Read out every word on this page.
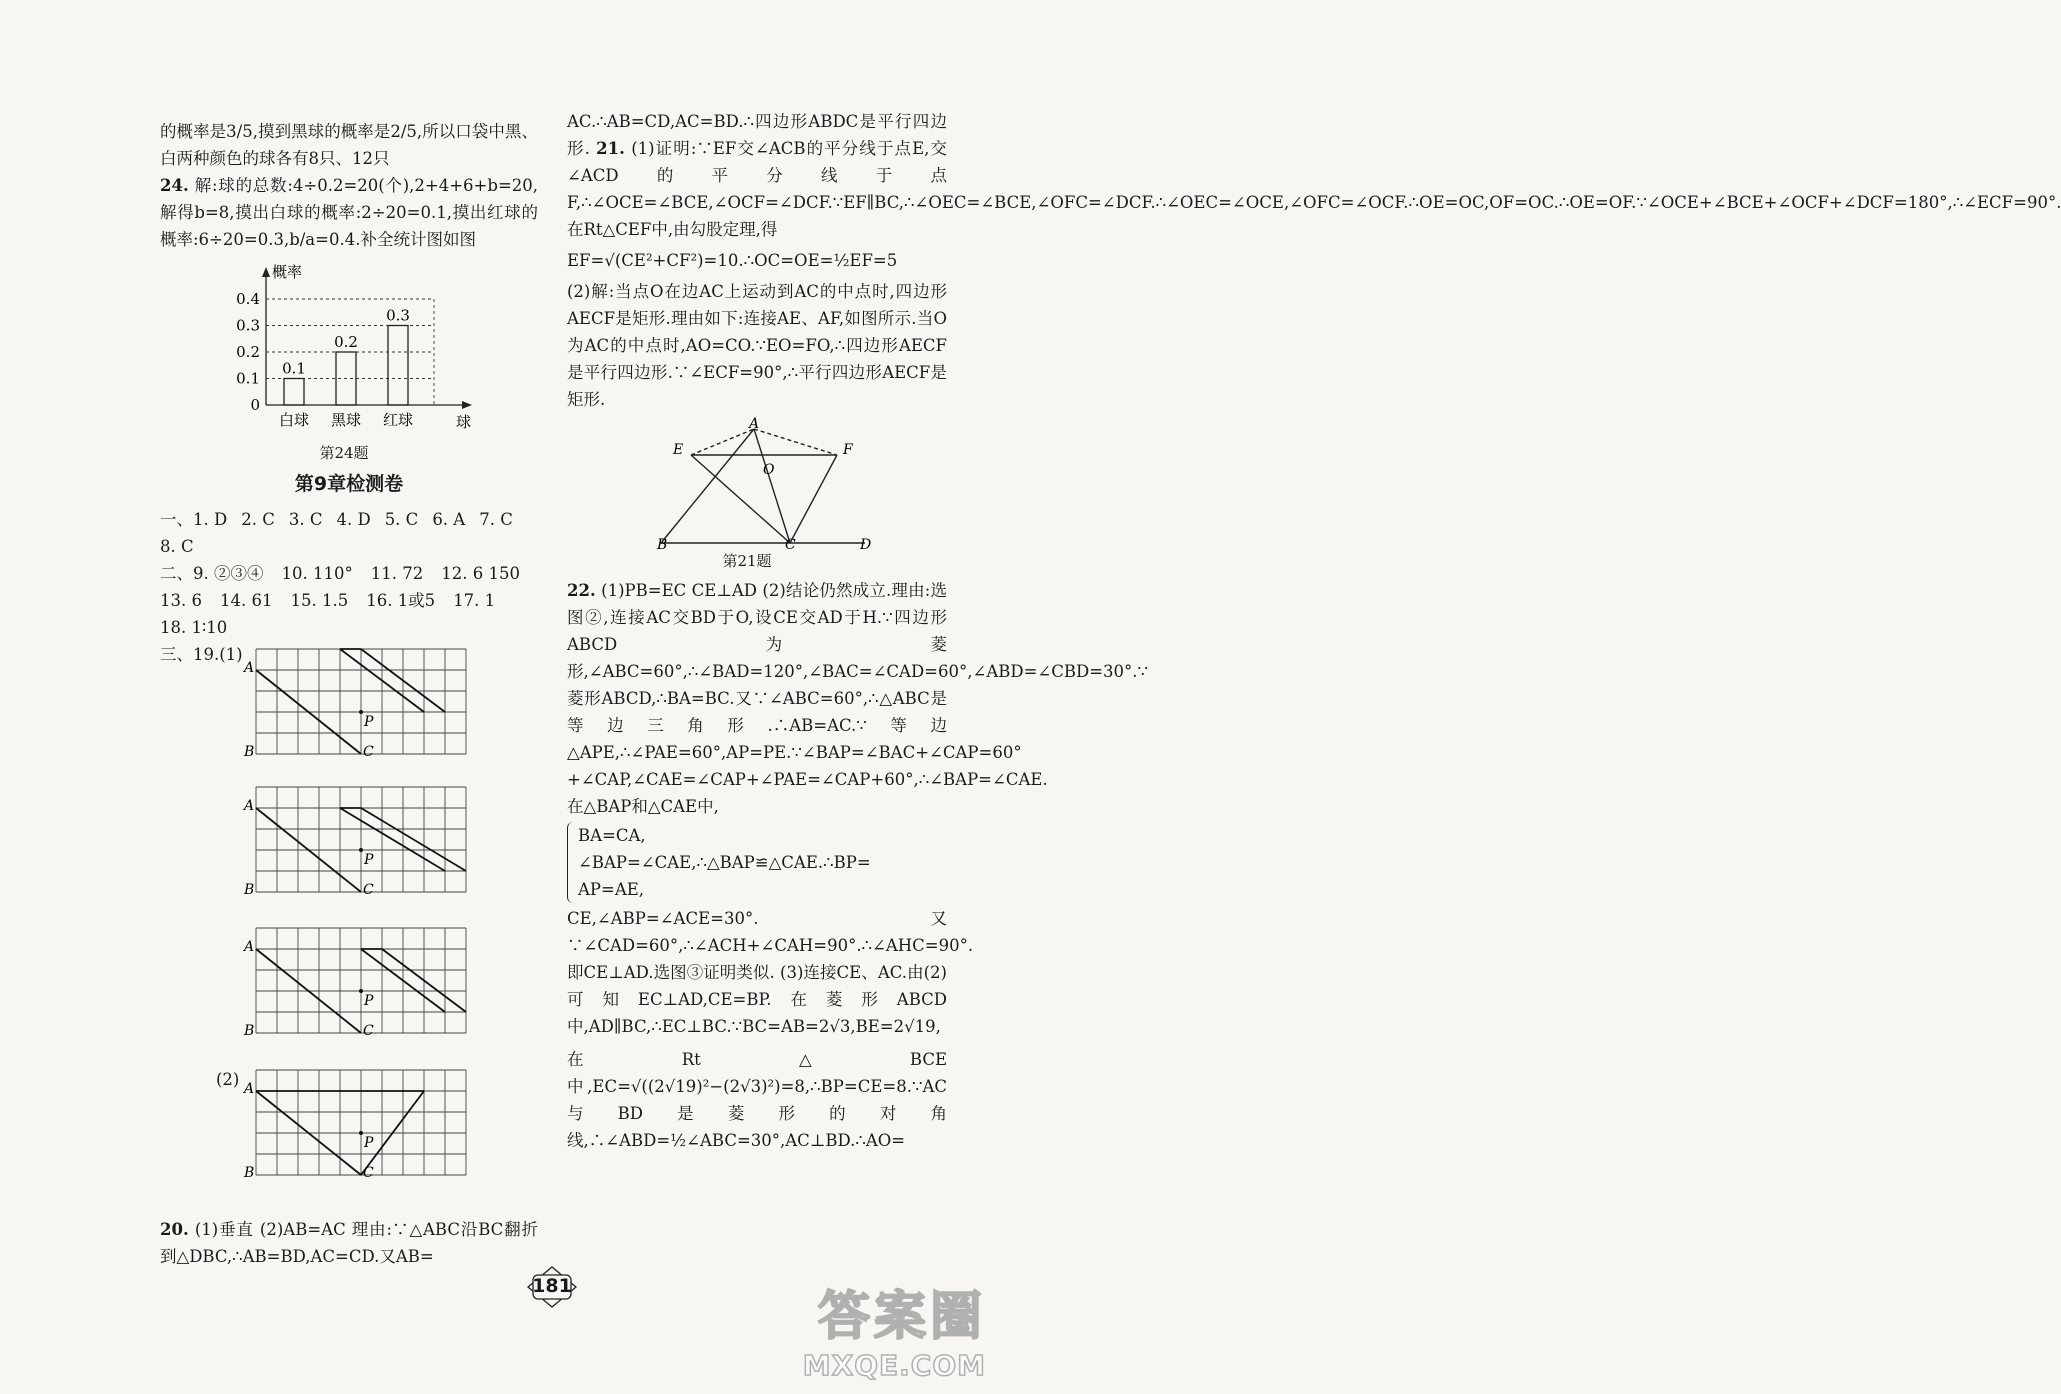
的概率是3/5,摸到黑球的概率是2/5,所以口袋中黑、白两种颜色的球各有8只、12只

24. 解:球的总数:4÷0.2=20(个),2+4+6+b=20,解得b=8,摸出白球的概率:2÷20=0.1,摸出红球的概率:6÷20=0.3,b/a=0.4.补全统计图如图

0
0.1
0.2
0.3
0.4
概率
球
0.1
白球
0.2
黑球
0.3
红球
第24题
第9章检测卷
一、1. D 2. C 3. C 4. D 5. C 6. A 7. C
8. C
二、9. ②③④ 10. 110° 11. 72 12. 6 150
13. 6 14. 61 15. 1.5 16. 1或5 17. 1
18. 1∶10
三、19.(1)
A
B	C
P
A
B	C
P
A
B	C
P
(2) A
B	C
P

20. (1)垂直 (2)AB=AC 理由:∵△ABC沿BC翻折到△DBC,∴AB=BD,AC=CD.又AB=

AC.∴AB=CD,AC=BD.∴四边形ABDC是平行四边形. 21. (1)证明:∵EF交∠ACB的平分线于点E,交∠ACD的平分线于点F,∴∠OCE=∠BCE,∠OCF=∠DCF.∵EF∥BC,∴∠OEC=∠BCE,∠OFC=∠DCF.∴∠OEC=∠OCE,∠OFC=∠OCF.∴OE=OC,OF=OC.∴OE=OF.∵∠OCE+∠BCE+∠OCF+∠DCF=180°,∴∠ECF=90°.在Rt△CEF中,由勾股定理,得

EF=√(CE²+CF²)=10.∴OC=OE=½EF=5

(2)解:当点O在边AC上运动到AC的中点时,四边形AECF是矩形.理由如下:连接AE、AF,如图所示.当O为AC的中点时,AO=CO.∵EO=FO,∴四边形AECF是平行四边形.∵∠ECF=90°,∴平行四边形AECF是矩形.

A
E	F
O
B	C	D
第21题

22. (1)PB=EC CE⊥AD (2)结论仍然成立.理由:选图②,连接AC交BD于O,设CE交AD于H.∵四边形ABCD为菱形,∠ABC=60°,∴∠BAD=120°,∠BAC=∠CAD=60°,∠ABD=∠CBD=30°.∵菱形ABCD,∴BA=BC.又∵∠ABC=60°,∴△ABC是等边三角形.∴AB=AC.∵等边△APE,∴∠PAE=60°,AP=PE.∵∠BAP=∠BAC+∠CAP=60°+∠CAP,∠CAE=∠CAP+∠PAE=∠CAP+60°,∴∠BAP=∠CAE.在△BAP和△CAE中,

BA=CA,
∠BAP=∠CAE,∴△BAP≌△CAE.∴BP=
AP=AE,

CE,∠ABP=∠ACE=30°.又∵∠CAD=60°,∴∠ACH+∠CAH=90°.∴∠AHC=90°.即CE⊥AD.选图③证明类似. (3)连接CE、AC.由(2)可知EC⊥AD,CE=BP.在菱形ABCD中,AD∥BC,∴EC⊥BC.∵BC=AB=2√3,BE=2√19,

在Rt△BCE中,EC=√((2√19)²−(2√3)²)=8,∴BP=CE=8.∵AC与BD是菱形的对角线,∴∠ABD=½∠ABC=30°,AC⊥BD.∴AO=

181
答案圈
MXQE.COM
